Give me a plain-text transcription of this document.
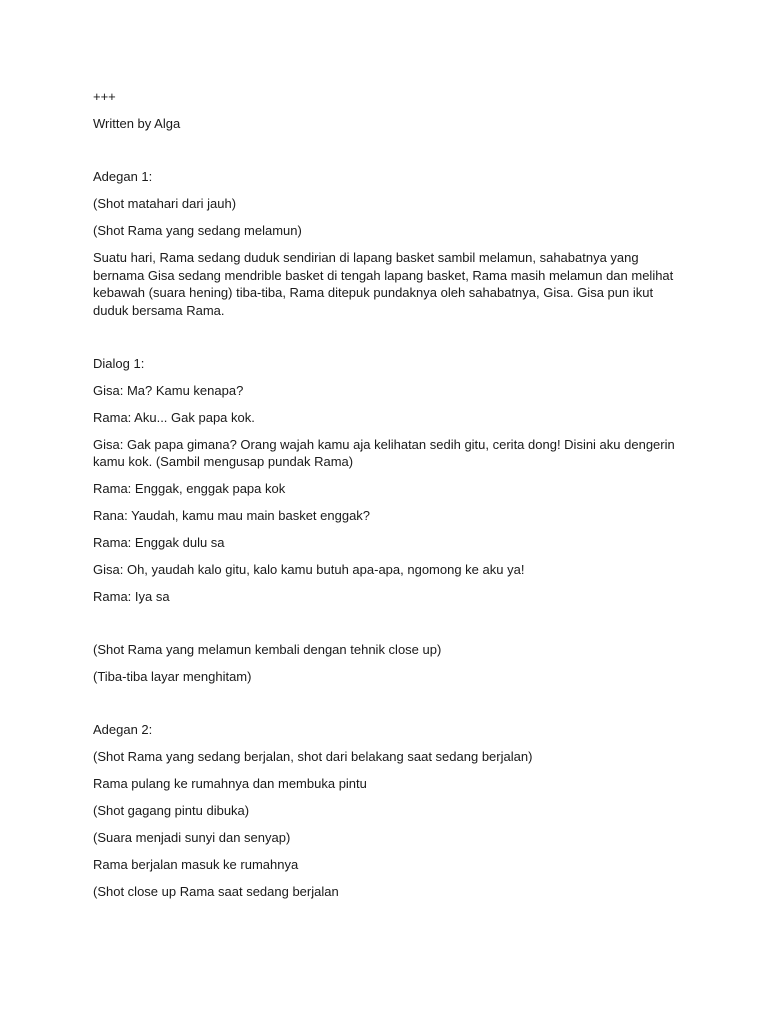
+++

Written by Alga

Adegan 1:

(Shot matahari dari jauh)

(Shot Rama yang sedang melamun)

Suatu hari, Rama sedang duduk sendirian di lapang basket sambil melamun, sahabatnya yang bernama Gisa sedang mendrible basket di tengah lapang basket, Rama masih melamun dan melihat kebawah (suara hening) tiba-tiba, Rama ditepuk pundaknya oleh sahabatnya, Gisa. Gisa pun ikut duduk bersama Rama.

Dialog 1:

Gisa: Ma? Kamu kenapa?

Rama: Aku... Gak papa kok.

Gisa: Gak papa gimana? Orang wajah kamu aja kelihatan sedih gitu, cerita dong! Disini aku dengerin kamu kok. (Sambil mengusap pundak Rama)

Rama: Enggak, enggak papa kok

Rana: Yaudah, kamu mau main basket enggak?

Rama: Enggak dulu sa

Gisa: Oh, yaudah kalo gitu, kalo kamu butuh apa-apa, ngomong ke aku ya!

Rama: Iya sa

(Shot Rama yang melamun kembali dengan tehnik close up)

(Tiba-tiba layar menghitam)

Adegan 2:

(Shot Rama yang sedang berjalan, shot dari belakang saat sedang berjalan)

Rama pulang ke rumahnya dan membuka pintu

(Shot gagang pintu dibuka)

(Suara menjadi sunyi dan senyap)

Rama berjalan masuk ke rumahnya

(Shot close up Rama saat sedang berjalan
